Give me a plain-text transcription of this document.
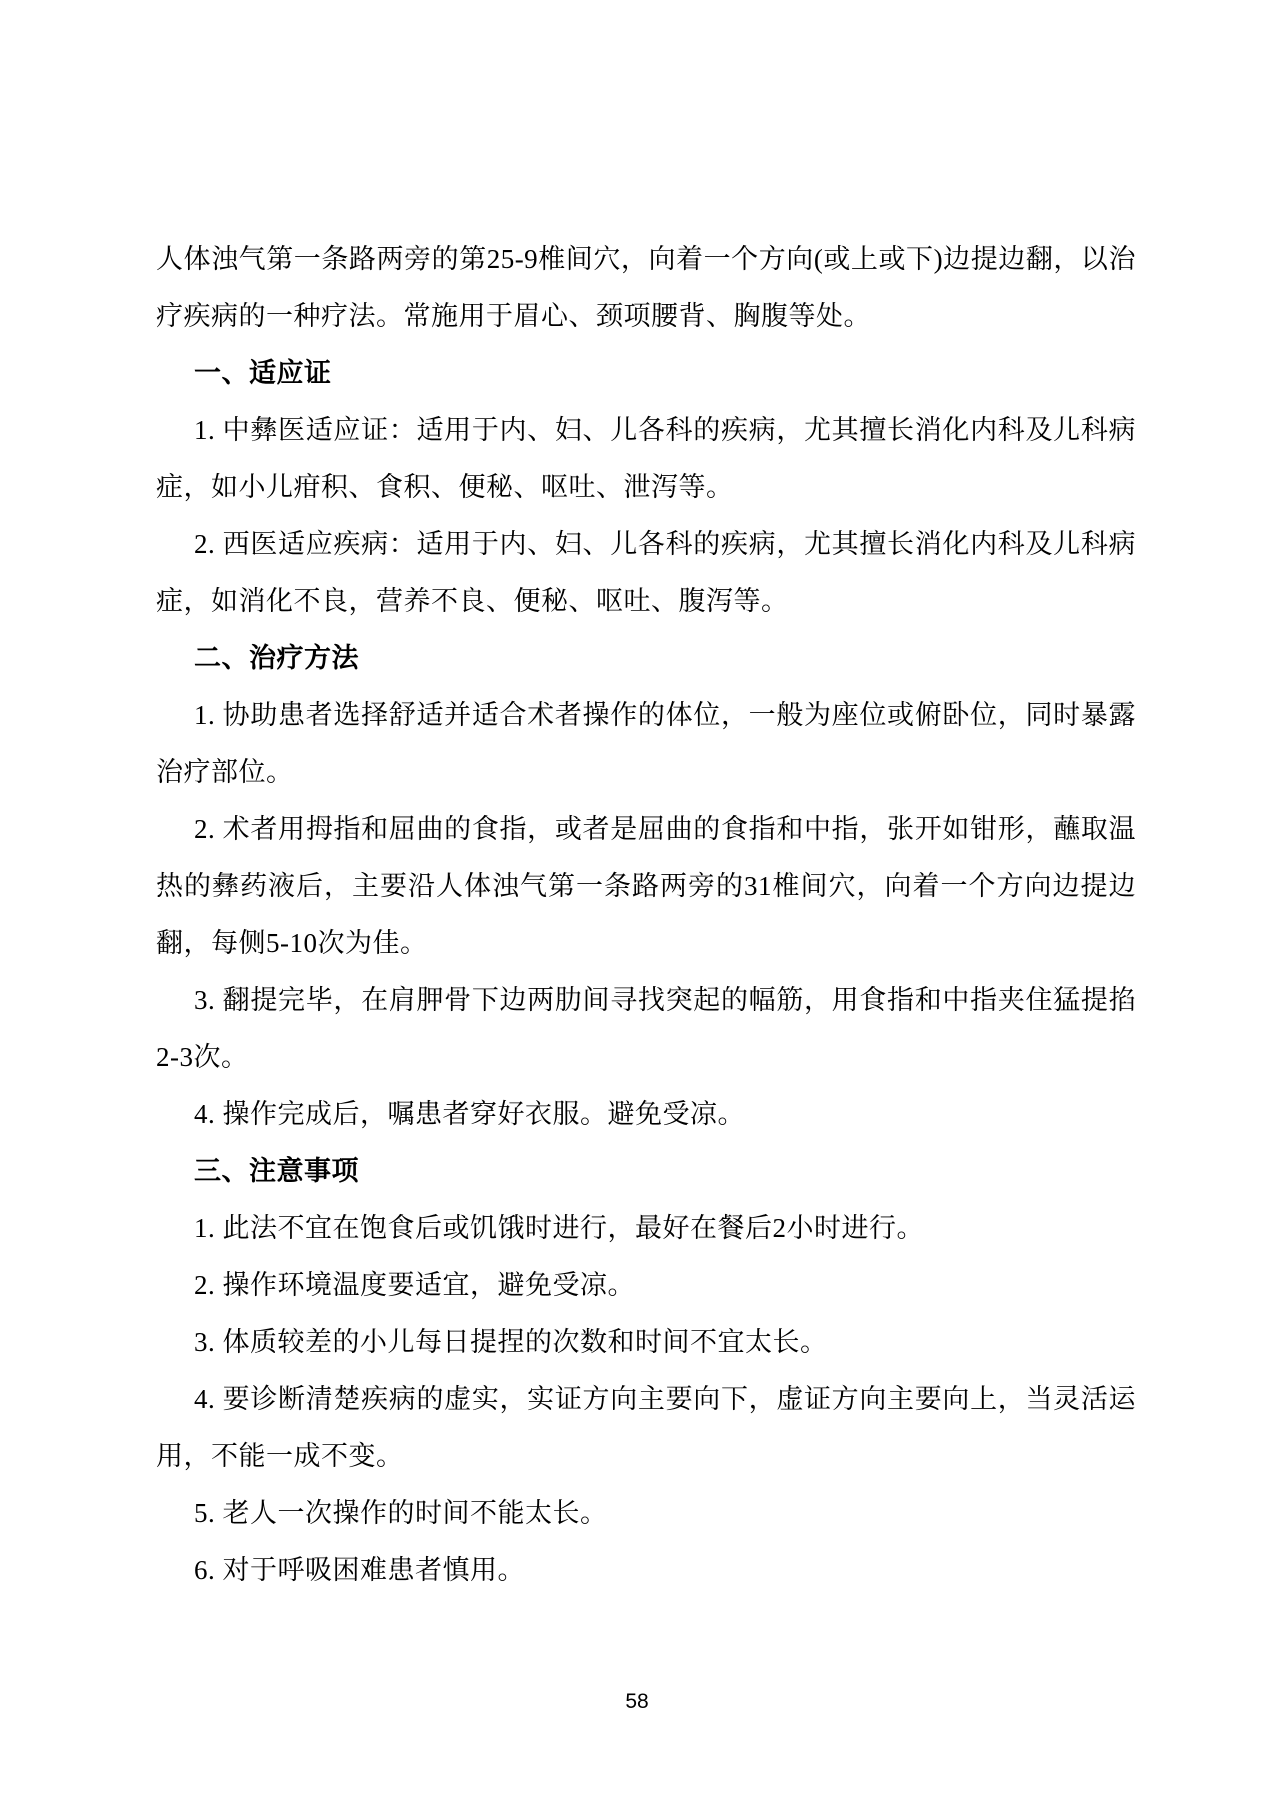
人体浊气第一条路两旁的第25-9椎间穴，向着一个方向(或上或下)边提边翻，以治疗疾病的一种疗法。常施用于眉心、颈项腰背、胸腹等处。

一、适应证

1. 中彝医适应证：适用于内、妇、儿各科的疾病，尤其擅长消化内科及儿科病症，如小儿疳积、食积、便秘、呕吐、泄泻等。

2. 西医适应疾病：适用于内、妇、儿各科的疾病，尤其擅长消化内科及儿科病症，如消化不良，营养不良、便秘、呕吐、腹泻等。

二、治疗方法

1. 协助患者选择舒适并适合术者操作的体位，一般为座位或俯卧位，同时暴露治疗部位。

2. 术者用拇指和屈曲的食指，或者是屈曲的食指和中指，张开如钳形，蘸取温热的彝药液后，主要沿人体浊气第一条路两旁的31椎间穴，向着一个方向边提边翻，每侧5-10次为佳。

3. 翻提完毕，在肩胛骨下边两肋间寻找突起的幅筋，用食指和中指夹住猛提掐2-3次。

4. 操作完成后，嘱患者穿好衣服。避免受凉。

三、注意事项

1. 此法不宜在饱食后或饥饿时进行，最好在餐后2小时进行。

2. 操作环境温度要适宜，避免受凉。

3. 体质较差的小儿每日提捏的次数和时间不宜太长。

4. 要诊断清楚疾病的虚实，实证方向主要向下，虚证方向主要向上，当灵活运用，不能一成不变。

5. 老人一次操作的时间不能太长。

6. 对于呼吸困难患者慎用。

58
